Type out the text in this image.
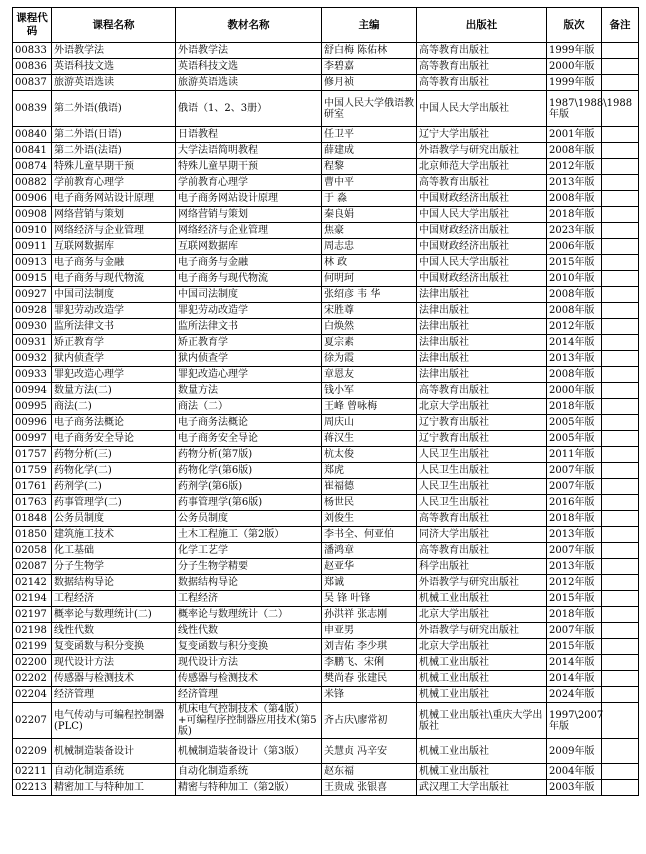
课程代码	课程名称	教材名称	主编	出版社	版次	备注
00833	外语教学法	外语教学法	舒白梅 陈佑林	高等教育出版社	1999年版	
00836	英语科技文选	英语科技文选	李碧嘉	高等教育出版社	2000年版	
00837	旅游英语选读	旅游英语选读	修月祯	高等教育出版社	1999年版	
00839	第二外语(俄语)	俄语（1、2、3册）	中国人民大学俄语教研室	中国人民大学出版社	1987\1988\1988年版	
00840	第二外语(日语)	日语教程	任卫平	辽宁大学出版社	2001年版	
00841	第二外语(法语)	大学法语简明教程	薛建成	外语教学与研究出版社	2008年版	
00874	特殊儿童早期干预	特殊儿童早期干预	程黎	北京师范大学出版社	2012年版	
00882	学前教育心理学	学前教育心理学	曹中平	高等教育出版社	2013年版	
00906	电子商务网站设计原理	电子商务网站设计原理	于 淼	中国财政经济出版社	2008年版	
00908	网络营销与策划	网络营销与策划	秦良娟	中国人民大学出版社	2018年版	
00910	网络经济与企业管理	网络经济与企业管理	焦豪	中国财政经济出版社	2023年版	
00911	互联网数据库	互联网数据库	周志忠	中国财政经济出版社	2006年版	
00913	电子商务与金融	电子商务与金融	林 政	中国人民大学出版社	2015年版	
00915	电子商务与现代物流	电子商务与现代物流	何明珂	中国财政经济出版社	2010年版	
00927	中国司法制度	中国司法制度	张绍彦 韦 华	法律出版社	2008年版	
00928	罪犯劳动改造学	罪犯劳动改造学	宋胜尊	法律出版社	2008年版	
00930	监所法律文书	监所法律文书	白焕然	法律出版社	2012年版	
00931	矫正教育学	矫正教育学	夏宗素	法律出版社	2014年版	
00932	狱内侦查学	狱内侦查学	徐为霞	法律出版社	2013年版	
00933	罪犯改造心理学	罪犯改造心理学	章恩友	法律出版社	2008年版	
00994	数量方法(二)	数量方法	钱小军	高等教育出版社	2000年版	
00995	商法(二)	商法（二）	王峰 曾咏梅	北京大学出版社	2018年版	
00996	电子商务法概论	电子商务法概论	周庆山	辽宁教育出版社	2005年版	
00997	电子商务安全导论	电子商务安全导论	蒋汉生	辽宁教育出版社	2005年版	
01757	药物分析(三)	药物分析(第7版)	杭太俊	人民卫生出版社	2011年版	
01759	药物化学(二)	药物化学(第6版)	郑虎	人民卫生出版社	2007年版	
01761	药剂学(二)	药剂学(第6版)	崔福德	人民卫生出版社	2007年版	
01763	药事管理学(二)	药事管理学(第6版)	杨世民	人民卫生出版社	2016年版	
01848	公务员制度	公务员制度	刘俊生	高等教育出版社	2018年版	
01850	建筑施工技术	土木工程施工（第2版）	李书全、何亚伯	同济大学出版社	2013年版	
02058	化工基础	化学工艺学	潘鸿章	高等教育出版社	2007年版	
02087	分子生物学	分子生物学精要	赵亚华	科学出版社	2013年版	
02142	数据结构导论	数据结构导论	郑诚	外语教学与研究出版社	2012年版	
02194	工程经济	工程经济	吴 锋 叶锋	机械工业出版社	2015年版	
02197	概率论与数理统计(二)	概率论与数理统计（二）	孙洪祥 张志刚	北京大学出版社	2018年版	
02198	线性代数	线性代数	申亚男	外语教学与研究出版社	2007年版	
02199	复变函数与积分变换	复变函数与积分变换	刘吉佑 李少琪	北京大学出版社	2015年版	
02200	现代设计方法	现代设计方法	李鹏飞、宋俐	机械工业出版社	2014年版	
02202	传感器与检测技术	传感器与检测技术	樊尚春 张建民	机械工业出版社	2014年版	
02204	经济管理	经济管理	米锋	机械工业出版社	2024年版	
02207	电气传动与可编程控制器(PLC)	机床电气控制技术（第4版）+可编程序控制器应用技术(第5版)	齐占庆\廖常初	机械工业出版社\重庆大学出版社	1997\2007年版	
02209	机械制造装备设计	机械制造装备设计（第3版）	关慧贞 冯辛安	机械工业出版社	2009年版	
02211	自动化制造系统	自动化制造系统	赵东福	机械工业出版社	2004年版	
02213	精密加工与特种加工	精密与特种加工（第2版）	王贵成 张银喜	武汉理工大学出版社	2003年版	
